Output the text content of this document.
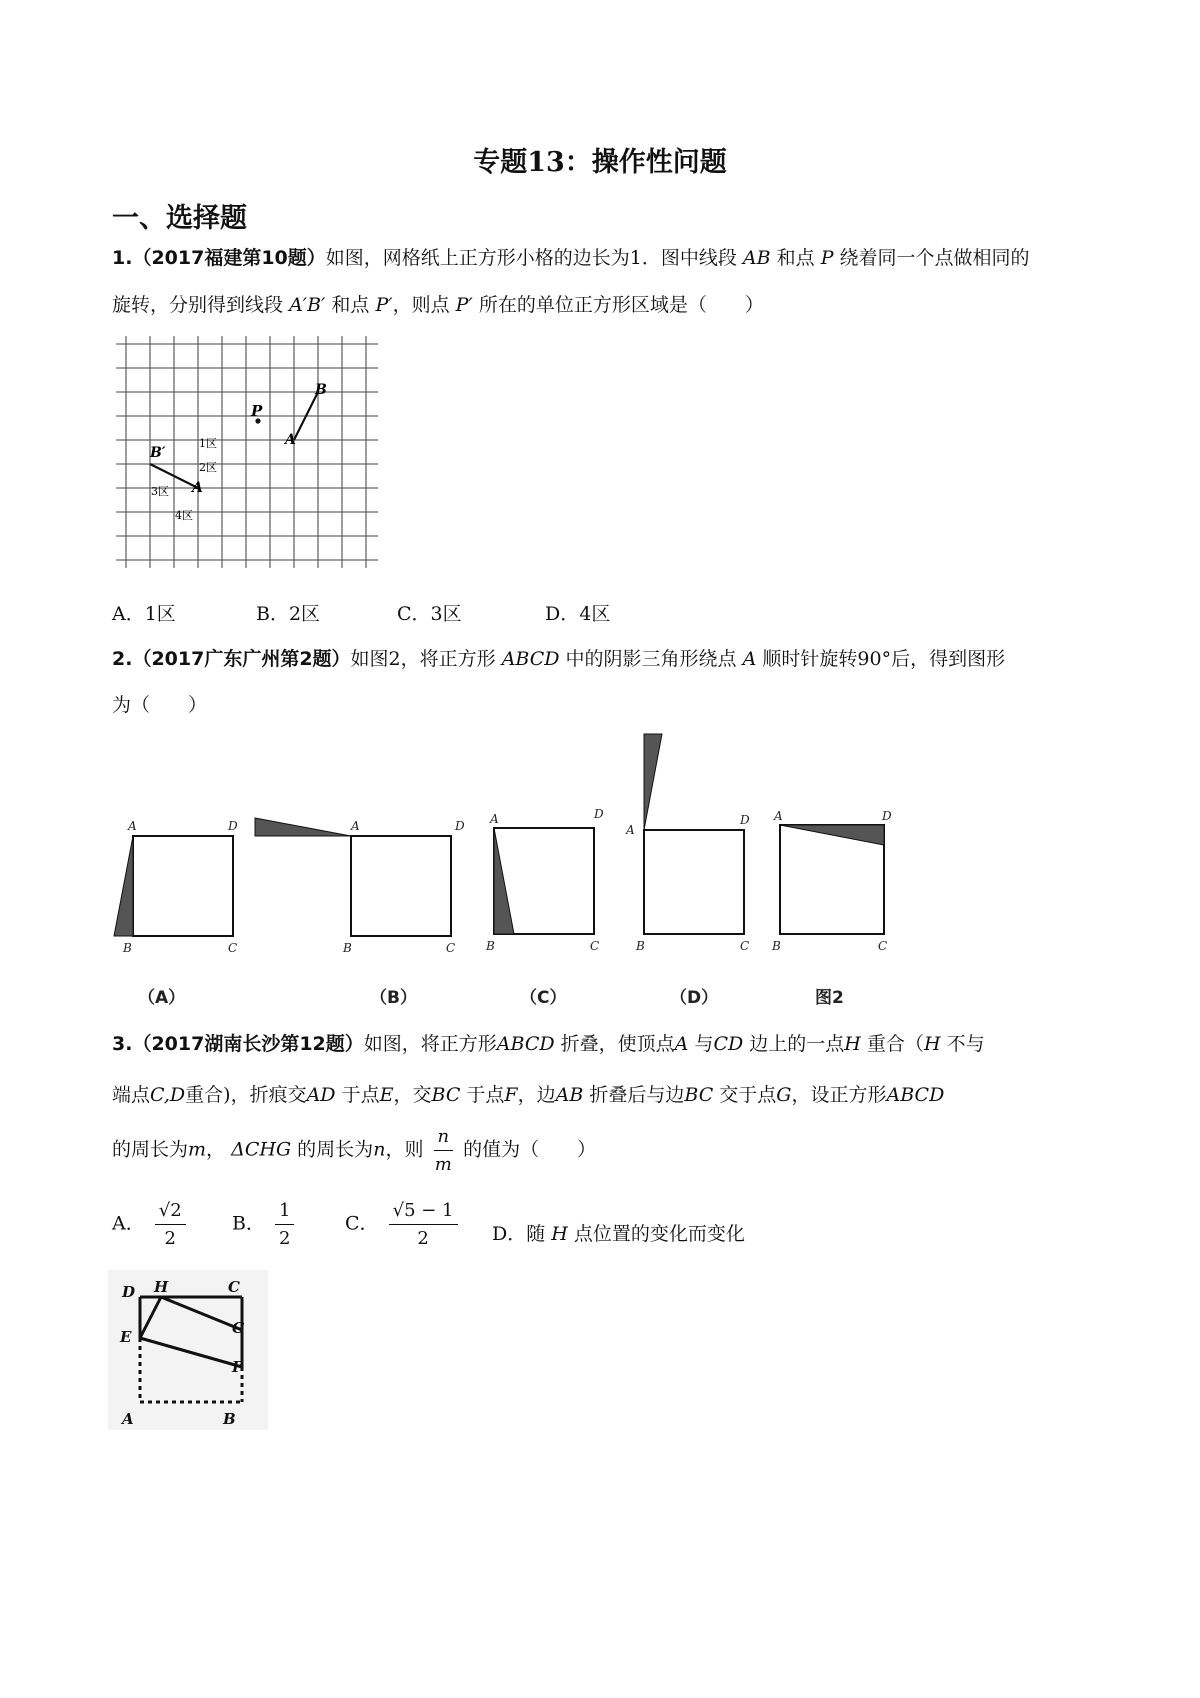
专题13：操作性问题
一、选择题
1.（2017福建第10题）如图，网格纸上正方形小格的边长为1．图中线段 AB 和点 P 绕着同一个点做相同的
旋转，分别得到线段 A′B′ 和点 P′，则点 P′ 所在的单位正方形区域是（　　）
P
B
A
B′
A
1区
2区
3区
4区
A．1区	B．2区	C．3区	D．4区
2.（2017广东广州第2题）如图2，将正方形 ABCD 中的阴影三角形绕点 A 顺时针旋转90°后，得到图形
为（　　）
A	D
B	C
A	D
B	C
A	D
B	C
A
D
B	C
A	D
B	C
（A）	（B）	（C）	（D）	图2
3.（2017湖南长沙第12题）如图，将正方形ABCD 折叠，使顶点A 与CD 边上的一点H 重合（H 不与
端点C,D重合)，折痕交AD 于点E，交BC 于点F，边AB 折叠后与边BC 交于点G，设正方形ABCD
的周长为m， ΔCHG 的周长为n，则 $\frac{n}{m}$ 的值为（　　）
A． $\frac{√2}{2}$ B． $\frac{1}{2}$	C． $\frac{√5 - 1}{2}$ D．随 H 点位置的变化而变化
D H	C
G
E
F
A	B
